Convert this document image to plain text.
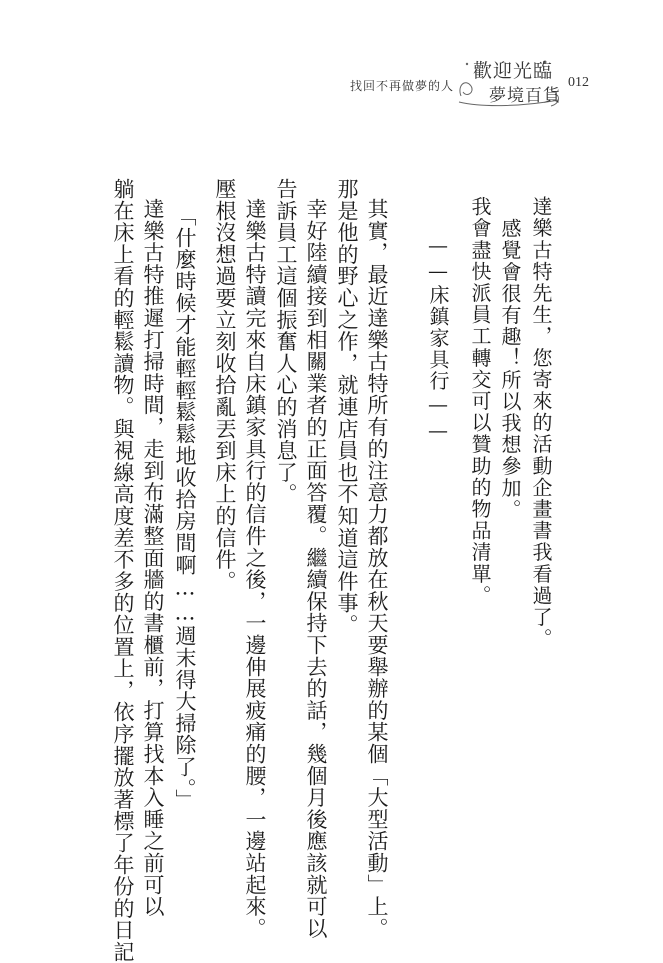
找回不再做夢的人
歡迎光臨
夢境百貨
012
達樂古特先生，您寄來的活動企畫書我看過了。
感覺會很有趣！所以我想參加。
我會盡快派員工轉交可以贊助的物品清單。
——床鎮家具行——
其實，最近達樂古特所有的注意力都放在秋天要舉辦的某個「大型活動」上。
那是他的野心之作，就連店員也不知道這件事。
幸好陸續接到相關業者的正面答覆。繼續保持下去的話，幾個月後應該就可以
告訴員工這個振奮人心的消息了。
達樂古特讀完來自床鎮家具行的信件之後，一邊伸展疲痛的腰，一邊站起來。
壓根沒想過要立刻收拾亂丟到床上的信件。
「什麼時候才能輕輕鬆鬆地收拾房間啊……週末得大掃除了。」
達樂古特推遲打掃時間，走到布滿整面牆的書櫃前，打算找本入睡之前可以
躺在床上看的輕鬆讀物。與視線高度差不多的位置上，依序擺放著標了年份的日記
